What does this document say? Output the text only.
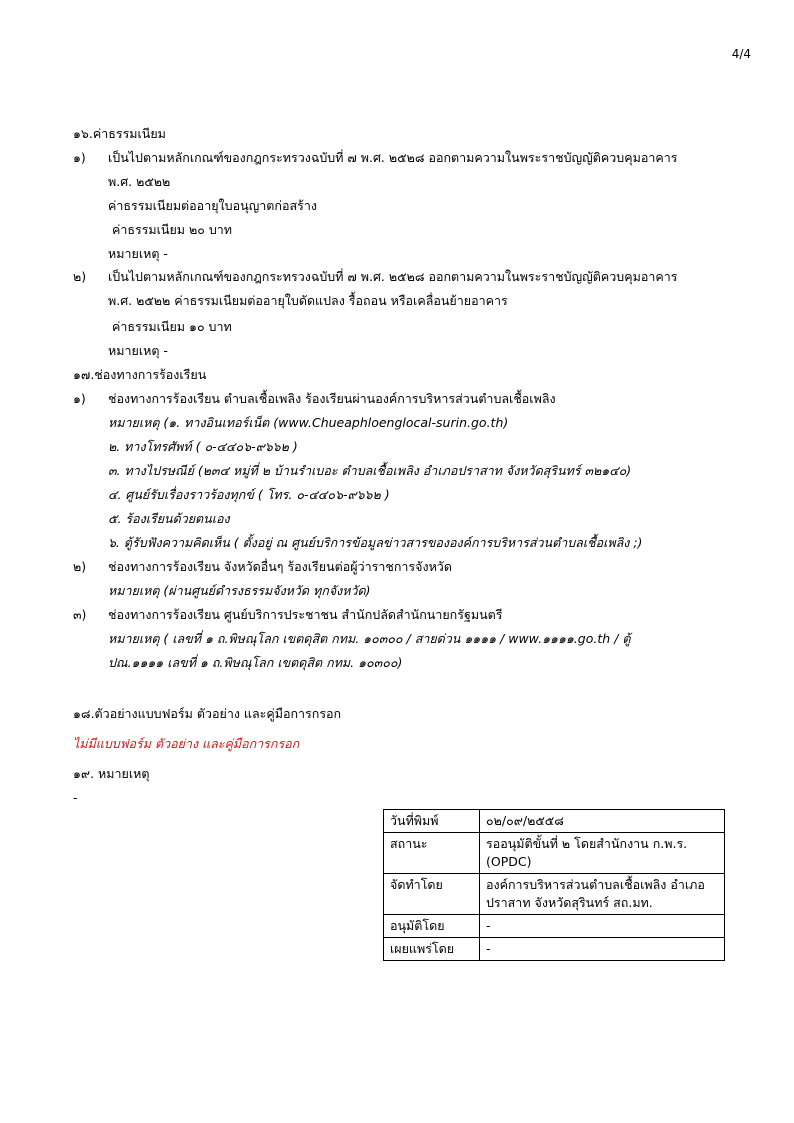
4/4
๑๖.ค่าธรรมเนียม
๑) เป็นไปตามหลักเกณฑ์ของกฎกระทรวงฉบับที่ ๗ พ.ศ. ๒๕๒๘ ออกตามความในพระราชบัญญัติควบคุมอาคาร
พ.ศ. ๒๕๒๒
ค่าธรรมเนียมต่ออายุใบอนุญาตก่อสร้าง
ค่าธรรมเนียม ๒๐ บาท
หมายเหตุ -
๒) เป็นไปตามหลักเกณฑ์ของกฎกระทรวงฉบับที่ ๗ พ.ศ. ๒๕๒๘ ออกตามความในพระราชบัญญัติควบคุมอาคาร
พ.ศ. ๒๕๒๒ ค่าธรรมเนียมต่ออายุใบดัดแปลง รื้อถอน หรือเคลื่อนย้ายอาคาร
ค่าธรรมเนียม ๑๐ บาท
หมายเหตุ -
๑๗.ช่องทางการร้องเรียน
๑) ช่องทางการร้องเรียน ตำบลเชื้อเพลิง ร้องเรียนผ่านองค์การบริหารส่วนตำบลเชื้อเพลิง
หมายเหตุ (๑. ทางอินเทอร์เน็ต (www.Chueaphloenglocal-surin.go.th)
๒. ทางโทรศัพท์ ( ๐-๔๔๐๖-๙๖๖๒ )
๓. ทางไปรษณีย์ (๒๓๔ หมู่ที่ ๒ บ้านรำเบอะ ตำบลเชื้อเพลิง อำเภอปราสาท จังหวัดสุรินทร์ ๓๒๑๔๐)
๔. ศูนย์รับเรื่องราวร้องทุกข์ ( โทร. ๐-๔๔๐๖-๙๖๖๒ )
๕. ร้องเรียนด้วยตนเอง
๖. ตู้รับฟังความคิดเห็น ( ตั้งอยู่ ณ ศูนย์บริการข้อมูลข่าวสารขององค์การบริหารส่วนตำบลเชื้อเพลิง ;)
๒) ช่องทางการร้องเรียน จังหวัดอื่นๆ ร้องเรียนต่อผู้ว่าราชการจังหวัด
หมายเหตุ (ผ่านศูนย์ดำรงธรรมจังหวัด ทุกจังหวัด)
๓) ช่องทางการร้องเรียน ศูนย์บริการประชาชน สำนักปลัดสำนักนายกรัฐมนตรี
หมายเหตุ ( เลขที่ ๑ ถ.พิษณุโลก เขตดุสิต กทม. ๑๐๓๐๐ / สายด่วน ๑๑๑๑ / www.๑๑๑๑.go.th / ตู้
ปณ.๑๑๑๑ เลขที่ ๑ ถ.พิษณุโลก เขตดุสิต กทม. ๑๐๓๐๐)
๑๘.ตัวอย่างแบบฟอร์ม ตัวอย่าง และคู่มือการกรอก
ไม่มีแบบฟอร์ม ตัวอย่าง และคู่มือการกรอก
๑๙. หมายเหตุ
-
วันที่พิมพ์	๐๒/๐๙/๒๕๕๘
สถานะ	รออนุมัติขั้นที่ ๒ โดยสำนักงาน ก.พ.ร.
(OPDC)
จัดทำโดย	องค์การบริหารส่วนตำบลเชื้อเพลิง อำเภอ
ปราสาท จังหวัดสุรินทร์ สถ.มท.
อนุมัติโดย	-
เผยแพร่โดย	-
